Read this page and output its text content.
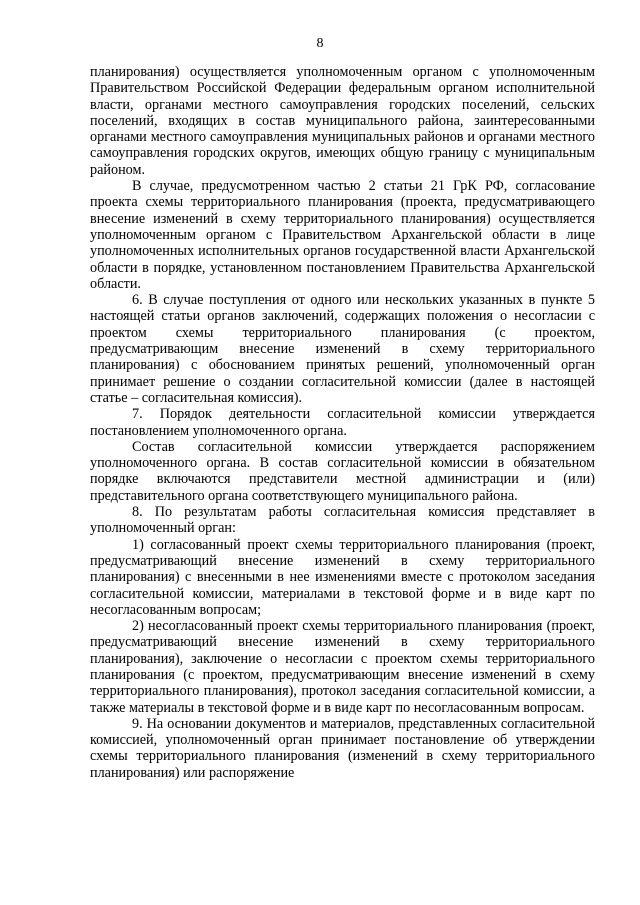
8

планирования) осуществляется уполномоченным органом с уполномоченным Правительством Российской Федерации федеральным органом исполнительной власти, органами местного самоуправления городских поселений, сельских поселений, входящих в состав муниципального района, заинтересованными органами местного самоуправления муниципальных районов и органами местного самоуправления городских округов, имеющих общую границу с муниципальным районом.

В случае, предусмотренном частью 2 статьи 21 ГрК РФ, согласование проекта схемы территориального планирования (проекта, предусматривающего внесение изменений в схему территориального планирования) осуществляется уполномоченным органом с Правительством Архангельской области в лице уполномоченных исполнительных органов государственной власти Архангельской области в порядке, установленном постановлением Правительства Архангельской области.

6. В случае поступления от одного или нескольких указанных в пункте 5 настоящей статьи органов заключений, содержащих положения о несогласии с проектом схемы территориального планирования (с проектом, предусматривающим внесение изменений в схему территориального планирования) с обоснованием принятых решений, уполномоченный орган принимает решение о создании согласительной комиссии (далее в настоящей статье – согласительная комиссия).

7. Порядок деятельности согласительной комиссии утверждается постановлением уполномоченного органа.

Состав согласительной комиссии утверждается распоряжением уполномоченного органа. В состав согласительной комиссии в обязательном порядке включаются представители местной администрации и (или) представительного органа соответствующего муниципального района.

8. По результатам работы согласительная комиссия представляет в уполномоченный орган:

1) согласованный проект схемы территориального планирования (проект, предусматривающий внесение изменений в схему территориального планирования) с внесенными в нее изменениями вместе с протоколом заседания согласительной комиссии, материалами в текстовой форме и в виде карт по несогласованным вопросам;

2) несогласованный проект схемы территориального планирования (проект, предусматривающий внесение изменений в схему территориального планирования), заключение о несогласии с проектом схемы территориального планирования (с проектом, предусматривающим внесение изменений в схему территориального планирования), протокол заседания согласительной комиссии, а также материалы в текстовой форме и в виде карт по несогласованным вопросам.

9. На основании документов и материалов, представленных согласительной комиссией, уполномоченный орган принимает постановление об утверждении схемы территориального планирования (изменений в схему территориального планирования) или распоряжение
